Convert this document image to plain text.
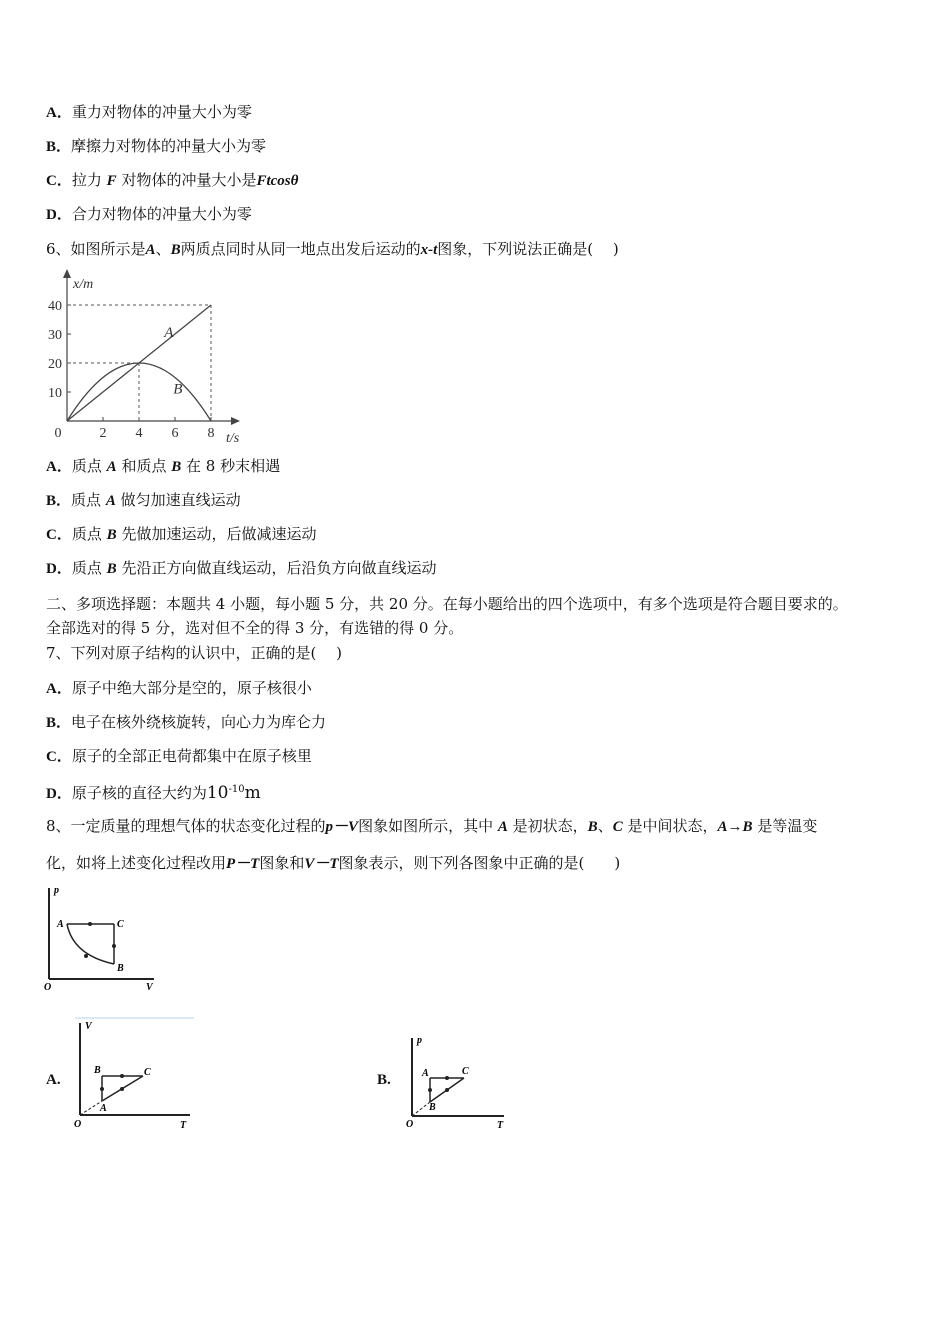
A．重力对物体的冲量大小为零
B．摩擦力对物体的冲量大小为零
C．拉力 F 对物体的冲量大小是Ftcosθ
D．合力对物体的冲量大小为零
6、如图所示是A、B两质点同时从同一地点出发后运动的x-t图象，下列说法正确是(　 )
10
20
30
40
0	2 4 6 8
x/m
t/s
A
B
A．质点 A 和质点 B 在 8 秒末相遇
B．质点 A 做匀加速直线运动
C．质点 B 先做加速运动，后做减速运动
D．质点 B 先沿正方向做直线运动，后沿负方向做直线运动
二、多项选择题：本题共 4 小题，每小题 5 分，共 20 分。在每小题给出的四个选项中，有多个选项是符合题目要求的。
全部选对的得 5 分，选对但不全的得 3 分，有选错的得 0 分。
7、下列对原子结构的认识中，正确的是(　 )
A．原子中绝大部分是空的，原子核很小
B．电子在核外绕核旋转，向心力为库仑力
C．原子的全部正电荷都集中在原子核里
D．原子核的直径大约为$10^{-10}m$
8、一定质量的理想气体的状态变化过程的p－V图象如图所示，其中 A 是初状态，B、C 是中间状态，A→B 是等温变
化，如将上述变化过程改用P－T图象和V－T图象表示，则下列各图象中正确的是(　　)
p
V
O
A	C
B
A.
V
T
O
B	C
A
B.
p
T
O
A	C
B
